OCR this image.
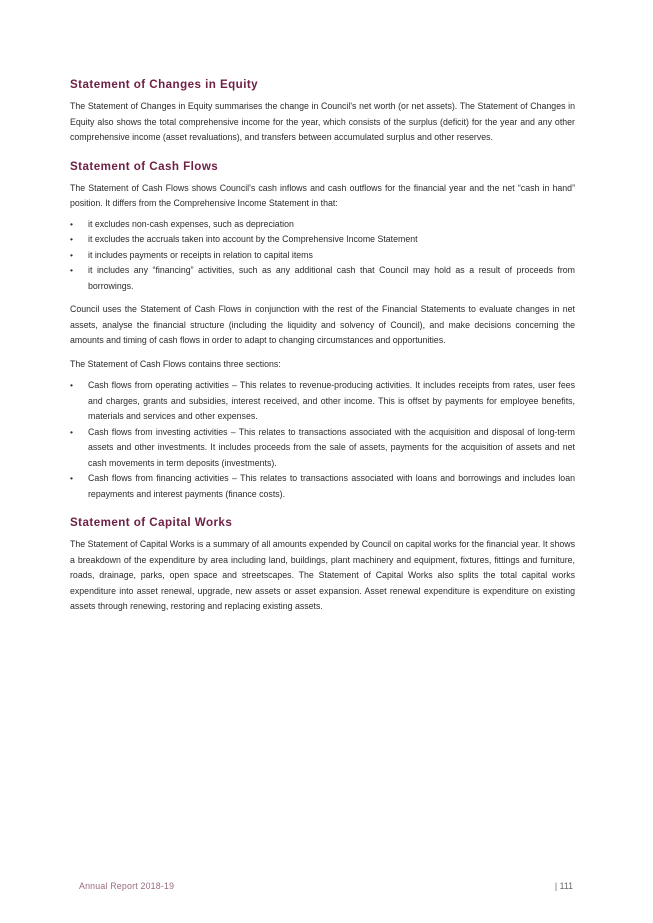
Statement of Changes in Equity

The Statement of Changes in Equity summarises the change in Council's net worth (or net assets). The Statement of Changes in Equity also shows the total comprehensive income for the year, which consists of the surplus (deficit) for the year and any other comprehensive income (asset revaluations), and transfers between accumulated surplus and other reserves.

Statement of Cash Flows

The Statement of Cash Flows shows Council's cash inflows and cash outflows for the financial year and the net “cash in hand” position. It differs from the Comprehensive Income Statement in that:

• it excludes non-cash expenses, such as depreciation
• it excludes the accruals taken into account by the Comprehensive Income Statement
• it includes payments or receipts in relation to capital items
• it includes any “financing” activities, such as any additional cash that Council may hold as a result of proceeds from borrowings.

Council uses the Statement of Cash Flows in conjunction with the rest of the Financial Statements to evaluate changes in net assets, analyse the financial structure (including the liquidity and solvency of Council), and make decisions concerning the amounts and timing of cash flows in order to adapt to changing circumstances and opportunities.

The Statement of Cash Flows contains three sections:

• Cash flows from operating activities – This relates to revenue-producing activities. It includes receipts from rates, user fees and charges, grants and subsidies, interest received, and other income. This is offset by payments for employee benefits, materials and services and other expenses.
• Cash flows from investing activities – This relates to transactions associated with the acquisition and disposal of long-term assets and other investments. It includes proceeds from the sale of assets, payments for the acquisition of assets and net cash movements in term deposits (investments).
• Cash flows from financing activities – This relates to transactions associated with loans and borrowings and includes loan repayments and interest payments (finance costs).
Statement of Capital Works

The Statement of Capital Works is a summary of all amounts expended by Council on capital works for the financial year. It shows a breakdown of the expenditure by area including land, buildings, plant machinery and equipment, fixtures, fittings and furniture, roads, drainage, parks, open space and streetscapes. The Statement of Capital Works also splits the total capital works expenditure into asset renewal, upgrade, new assets or asset expansion. Asset renewal expenditure is expenditure on existing assets through renewing, restoring and replacing existing assets.

Annual Report 2018-19	| 111
